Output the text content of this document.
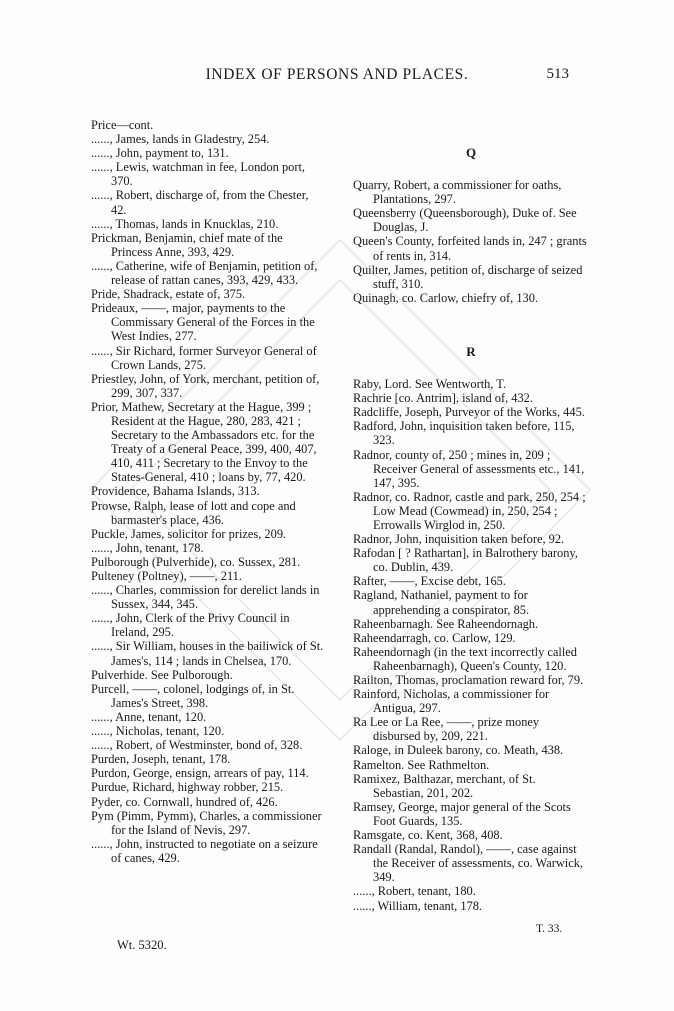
INDEX OF PERSONS AND PLACES.	513

Price—cont.

......, James, lands in Gladestry, 254.

......, John, payment to, 131.

......, Lewis, watchman in fee, London port, 370.

......, Robert, discharge of, from the Chester, 42.

......, Thomas, lands in Knucklas, 210.

Prickman, Benjamin, chief mate of the Princess Anne, 393, 429.

......, Catherine, wife of Benjamin, petition of, release of rattan canes, 393, 429, 433.

Pride, Shadrack, estate of, 375.

Prideaux, ——, major, payments to the Commissary General of the Forces in the West Indies, 277.

......, Sir Richard, former Surveyor General of Crown Lands, 275.

Priestley, John, of York, merchant, petition of, 299, 307, 337.

Prior, Mathew, Secretary at the Hague, 399 ; Resident at the Hague, 280, 283, 421 ; Secretary to the Ambassadors etc. for the Treaty of a General Peace, 399, 400, 407, 410, 411 ; Secretary to the Envoy to the States-General, 410 ; loans by, 77, 420.

Providence, Bahama Islands, 313.

Prowse, Ralph, lease of lott and cope and barmaster's place, 436.

Puckle, James, solicitor for prizes, 209.

......, John, tenant, 178.

Pulborough (Pulverhide), co. Sussex, 281.

Pulteney (Poltney), ——, 211.

......, Charles, commission for derelict lands in Sussex, 344, 345.

......, John, Clerk of the Privy Council in Ireland, 295.

......, Sir William, houses in the bailiwick of St. James's, 114 ; lands in Chelsea, 170.

Pulverhide. See Pulborough.

Purcell, ——, colonel, lodgings of, in St. James's Street, 398.

......, Anne, tenant, 120.

......, Nicholas, tenant, 120.

......, Robert, of Westminster, bond of, 328.

Purden, Joseph, tenant, 178.

Purdon, George, ensign, arrears of pay, 114.

Purdue, Richard, highway robber, 215.

Pyder, co. Cornwall, hundred of, 426.

Pym (Pimm, Pymm), Charles, a commissioner for the Island of Nevis, 297.

......, John, instructed to negotiate on a seizure of canes, 429.

Q

Quarry, Robert, a commissioner for oaths, Plantations, 297.

Queensberry (Queensborough), Duke of. See Douglas, J.

Queen's County, forfeited lands in, 247 ; grants of rents in, 314.

Quilter, James, petition of, discharge of seized stuff, 310.

Quinagh, co. Carlow, chiefry of, 130.

R

Raby, Lord. See Wentworth, T.

Rachrie [co. Antrim], island of, 432.

Radcliffe, Joseph, Purveyor of the Works, 445.

Radford, John, inquisition taken before, 115, 323.

Radnor, county of, 250 ; mines in, 209 ; Receiver General of assessments etc., 141, 147, 395.

Radnor, co. Radnor, castle and park, 250, 254 ; Low Mead (Cowmead) in, 250, 254 ; Errowalls Wirglod in, 250.

Radnor, John, inquisition taken before, 92.

Rafodan [ ? Rathartan], in Balrothery barony, co. Dublin, 439.

Rafter, ——, Excise debt, 165.

Ragland, Nathaniel, payment to for apprehending a conspirator, 85.

Raheenbarnagh. See Raheendornagh.

Raheendarragh, co. Carlow, 129.

Raheendornagh (in the text incorrectly called Raheenbarnagh), Queen's County, 120.

Railton, Thomas, proclamation reward for, 79.

Rainford, Nicholas, a commissioner for Antigua, 297.

Ra Lee or La Ree, ——, prize money disbursed by, 209, 221.

Raloge, in Duleek barony, co. Meath, 438.

Ramelton. See Rathmelton.

Ramixez, Balthazar, merchant, of St. Sebastian, 201, 202.

Ramsey, George, major general of the Scots Foot Guards, 135.

Ramsgate, co. Kent, 368, 408.

Randall (Randal, Randol), ——, case against the Receiver of assessments, co. Warwick, 349.

......, Robert, tenant, 180.

......, William, tenant, 178.

Wt. 5320.
T. 33.
